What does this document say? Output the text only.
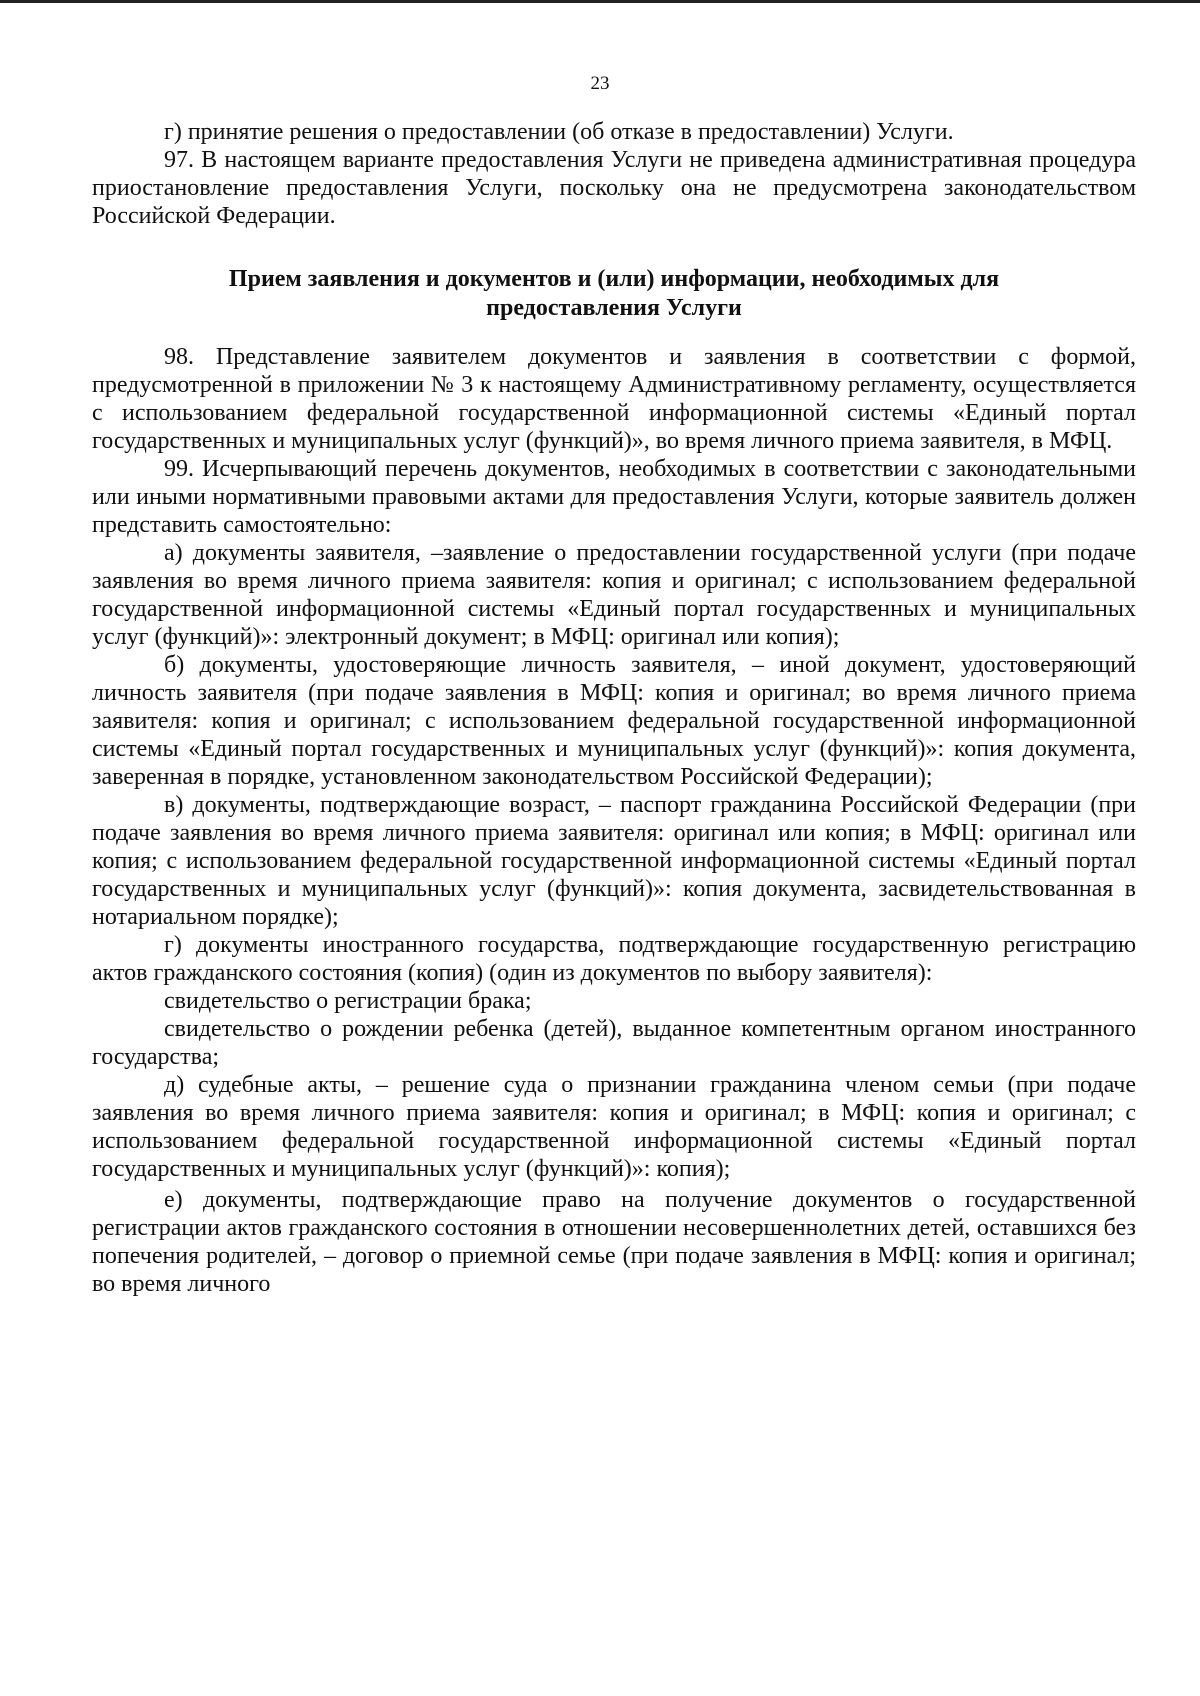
23

г) принятие решения о предоставлении (об отказе в предоставлении) Услуги.

97. В настоящем варианте предоставления Услуги не приведена административная процедура приостановление предоставления Услуги, поскольку она не предусмотрена законодательством Российской Федерации.

Прием заявления и документов и (или) информации, необходимых для
предоставления Услуги

98. Представление заявителем документов и заявления в соответствии с формой, предусмотренной в приложении № 3 к настоящему Административному регламенту, осуществляется с использованием федеральной государственной информационной системы «Единый портал государственных и муниципальных услуг (функций)», во время личного приема заявителя, в МФЦ.

99. Исчерпывающий перечень документов, необходимых в соответствии с законодательными или иными нормативными правовыми актами для предоставления Услуги, которые заявитель должен представить самостоятельно:

а) документы заявителя, –заявление о предоставлении государственной услуги (при подаче заявления во время личного приема заявителя: копия и оригинал; с использованием федеральной государственной информационной системы «Единый портал государственных и муниципальных услуг (функций)»: электронный документ; в МФЦ: оригинал или копия);

б) документы, удостоверяющие личность заявителя, – иной документ, удостоверяющий личность заявителя (при подаче заявления в МФЦ: копия и оригинал; во время личного приема заявителя: копия и оригинал; с использованием федеральной государственной информационной системы «Единый портал государственных и муниципальных услуг (функций)»: копия документа, заверенная в порядке, установленном законодательством Российской Федерации);

в) документы, подтверждающие возраст, – паспорт гражданина Российской Федерации (при подаче заявления во время личного приема заявителя: оригинал или копия; в МФЦ: оригинал или копия; с использованием федеральной государственной информационной системы «Единый портал государственных и муниципальных услуг (функций)»: копия документа, засвидетельствованная в нотариальном порядке);

г) документы иностранного государства, подтверждающие государственную регистрацию актов гражданского состояния (копия) (один из документов по выбору заявителя):

свидетельство о регистрации брака;

свидетельство о рождении ребенка (детей), выданное компетентным органом иностранного государства;

д) судебные акты, – решение суда о признании гражданина членом семьи (при подаче заявления во время личного приема заявителя: копия и оригинал; в МФЦ: копия и оригинал; с использованием федеральной государственной информационной системы «Единый портал государственных и муниципальных услуг (функций)»: копия);

е) документы, подтверждающие право на получение документов о государственной регистрации актов гражданского состояния в отношении несовершеннолетних детей, оставшихся без попечения родителей, – договор о приемной семье (при подаче заявления в МФЦ: копия и оригинал; во время личного
